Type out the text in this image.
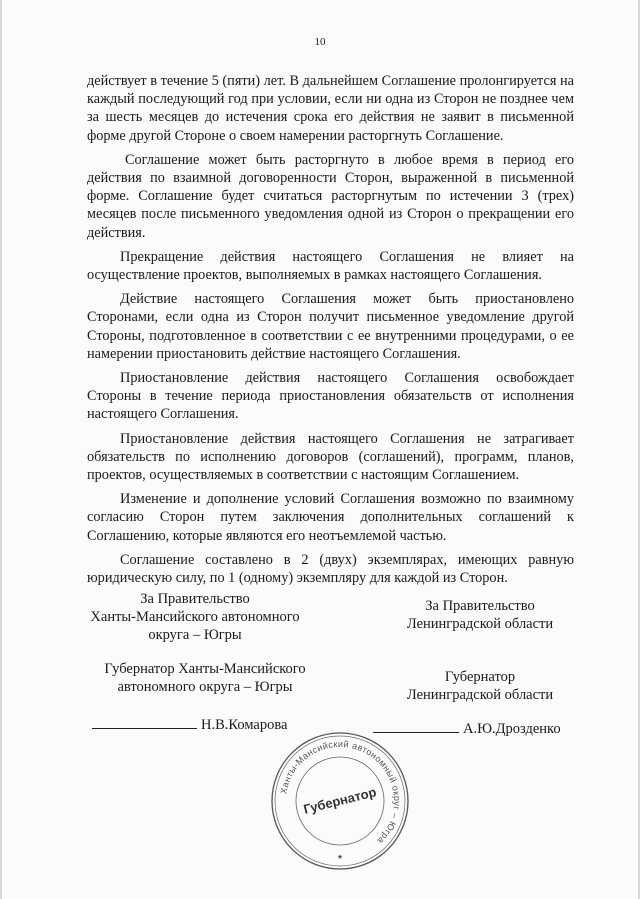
10

действует в течение 5 (пяти) лет. В дальнейшем Соглашение пролонгируется на каждый последующий год при условии, если ни одна из Сторон не позднее чем за шесть месяцев до истечения срока его действия не заявит в письменной форме другой Стороне о своем намерении расторгнуть Соглашение.

Соглашение может быть расторгнуто в любое время в период его действия по взаимной договоренности Сторон, выраженной в письменной форме. Соглашение будет считаться расторгнутым по истечении 3 (трех) месяцев после письменного уведомления одной из Сторон о прекращении его действия.

Прекращение действия настоящего Соглашения не влияет на осуществление проектов, выполняемых в рамках настоящего Соглашения.

Действие настоящего Соглашения может быть приостановлено Сторонами, если одна из Сторон получит письменное уведомление другой Стороны, подготовленное в соответствии с ее внутренними процедурами, о ее намерении приостановить действие настоящего Соглашения.

Приостановление действия настоящего Соглашения освобождает Стороны в течение периода приостановления обязательств от исполнения настоящего Соглашения.

Приостановление действия настоящего Соглашения не затрагивает обязательств по исполнению договоров (соглашений), программ, планов, проектов, осуществляемых в соответствии с настоящим Соглашением.

Изменение и дополнение условий Соглашения возможно по взаимному согласию Сторон путем заключения дополнительных соглашений к Соглашению, которые являются его неотъемлемой частью.

Соглашение составлено в 2 (двух) экземплярах, имеющих равную юридическую силу, по 1 (одному) экземпляру для каждой из Сторон.

За Правительство
Ханты-Мансийского автономного
округа – Югры
Губернатор Ханты-Мансийского
автономного округа – Югры
Н.В.Комарова
За Правительство
Ленинградской области
Губернатор
Ленинградской области
А.Ю.Дрозденко
Ханты-Мансийский автономный округ – Югра
Губернатор
★
